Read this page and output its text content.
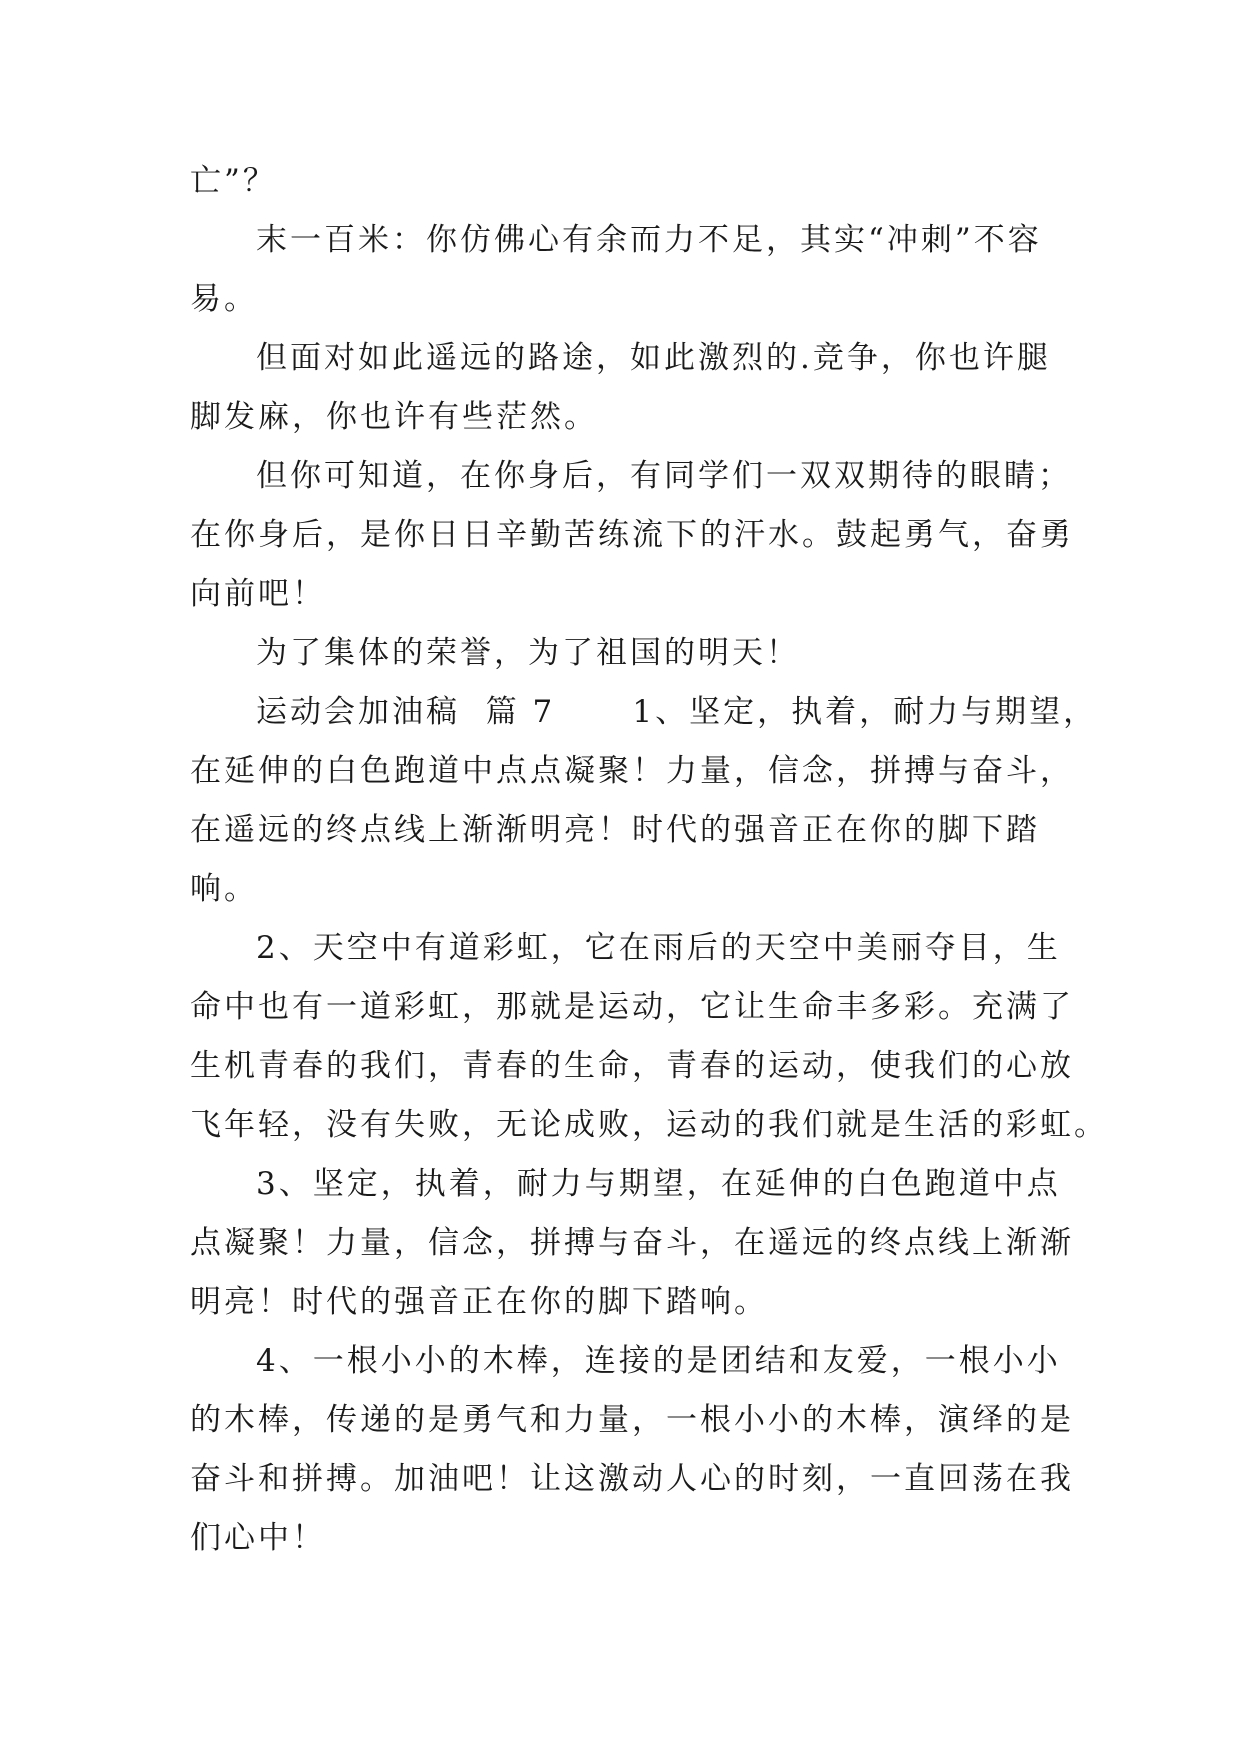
亡”？
末一百米：你仿佛心有余而力不足，其实“冲刺”不容
易。
但面对如此遥远的路途，如此激烈的.竞争，你也许腿
脚发麻，你也许有些茫然。
但你可知道，在你身后，有同学们一双双期待的眼睛；
在你身后，是你日日辛勤苦练流下的汗水。鼓起勇气，奋勇
向前吧！
为了集体的荣誉，为了祖国的明天！
运动会加油稿  篇 7      1、坚定，执着，耐力与期望，
在延伸的白色跑道中点点凝聚！力量，信念，拼搏与奋斗，
在遥远的终点线上渐渐明亮！时代的强音正在你的脚下踏
响。
2、天空中有道彩虹，它在雨后的天空中美丽夺目，生
命中也有一道彩虹，那就是运动，它让生命丰多彩。充满了
生机青春的我们，青春的生命，青春的运动，使我们的心放
飞年轻，没有失败，无论成败，运动的我们就是生活的彩虹。
3、坚定，执着，耐力与期望，在延伸的白色跑道中点
点凝聚！力量，信念，拼搏与奋斗，在遥远的终点线上渐渐
明亮！时代的强音正在你的脚下踏响。
4、一根小小的木棒，连接的是团结和友爱，一根小小
的木棒，传递的是勇气和力量，一根小小的木棒，演绎的是
奋斗和拼搏。加油吧！让这激动人心的时刻，一直回荡在我
们心中！
